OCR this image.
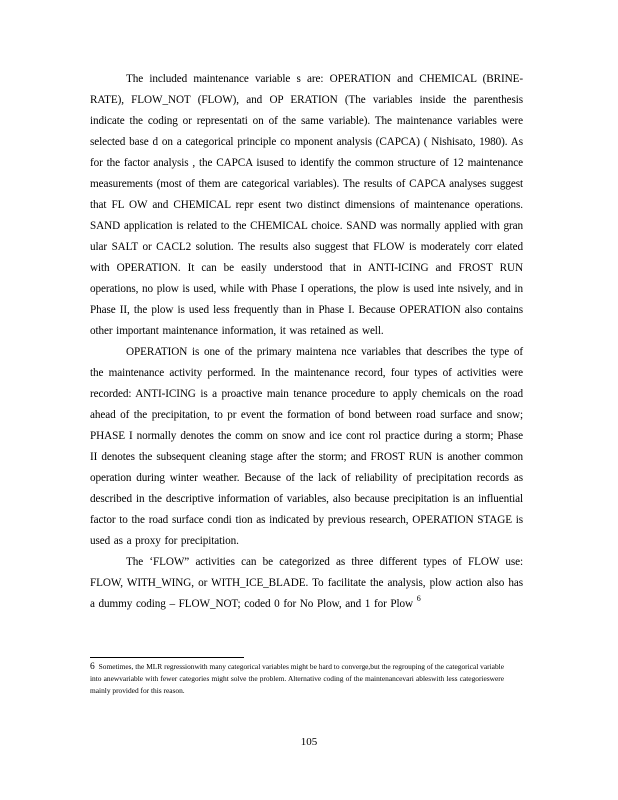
The included maintenance variable s are: OPERATION and CHEMICAL (BRINE-RATE), FLOW_NOT (FLOW), and OP ERATION (The variables inside the parenthesis indicate the coding or representati on of the same variable). The maintenance variables were selected base d on a categorical principle co mponent analysis (CAPCA) ( Nishisato, 1980). As for the factor analysis , the CAPCA isused to identify the common structure of 12 maintenance measurements (most of them are categorical variables). The results of CAPCA analyses suggest that FL OW and CHEMICAL repr esent two distinct dimensions of maintenance operations. SAND application is related to the CHEMICAL choice. SAND was normally applied with gran ular SALT or CACL2 solution. The results also suggest that FLOW is moderately corr elated with OPERATION. It can be easily understood that in ANTI-ICING and FROST RUN operations, no plow is used, while with Phase I operations, the plow is used inte nsively, and in Phase II, the plow is used less frequently than in Phase I. Because OPERATION also contains other important maintenance information, it was retained as well.

OPERATION is one of the primary maintena nce variables that describes the type of the maintenance activity performed. In the maintenance record, four types of activities were recorded: ANTI-ICING is a proactive main tenance procedure to apply chemicals on the road ahead of the precipitation, to pr event the formation of bond between road surface and snow; PHASE I normally denotes the comm on snow and ice cont rol practice during a storm; Phase II denotes the subsequent cleaning stage after the storm; and FROST RUN is another common operation during winter weather. Because of the lack of reliability of precipitation records as described in the descriptive information of variables, also because precipitation is an influential factor to the road surface condi tion as indicated by previous research, OPERATION STAGE is used as a proxy for precipitation.

The ‘FLOW” activities can be categorized as three different types of FLOW use: FLOW, WITH_WING, or WITH_ICE_BLADE. To facilitate the analysis, plow action also has a dummy coding – FLOW_NOT; coded 0 for No Plow, and 1 for Plow $^6$

6 Sometimes, the MLR regressionwith many categorical variables might be hard to converge,but the regrouping of the categorical variable into anewvariable with fewer categories might solve the problem. Alternative coding of the maintenancevari ableswith less categorieswere mainly provided for this reason.
105
